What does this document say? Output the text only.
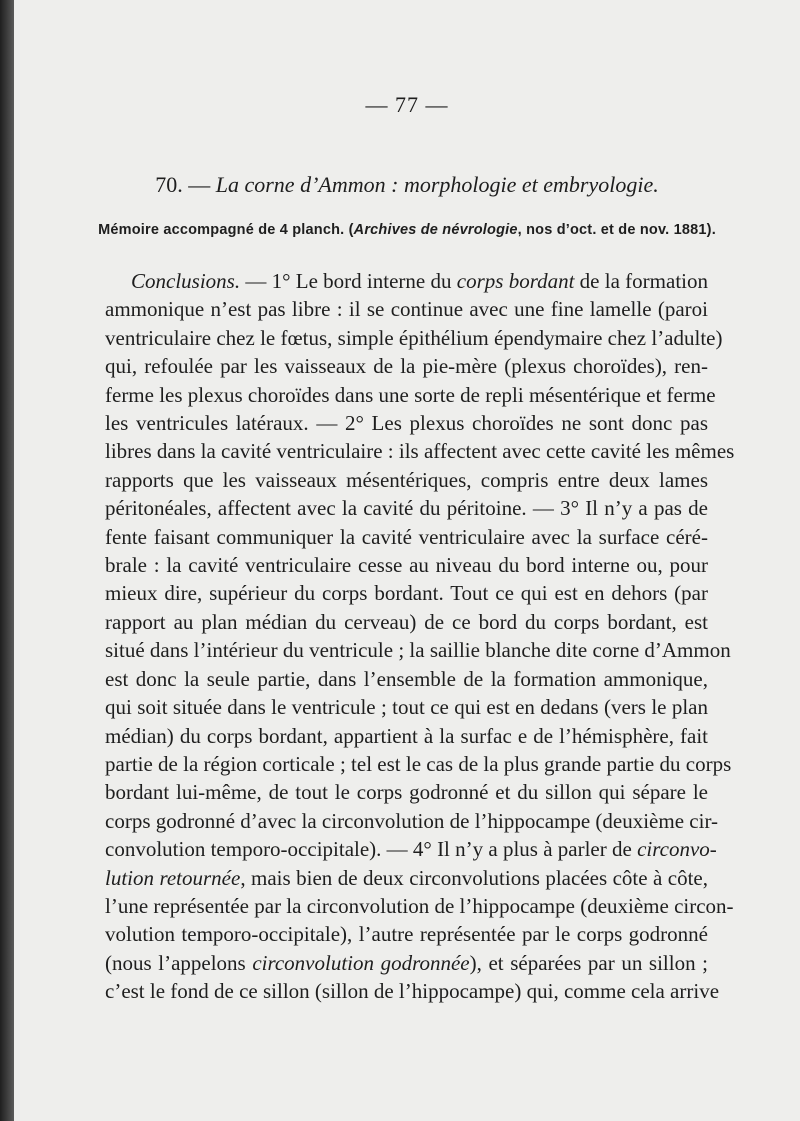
— 77 —
70. — La corne d’Ammon : morphologie et embryologie.
Mémoire accompagné de 4 planch. (Archives de névrologie, nos d’oct. et de nov. 1881).
Conclusions. — 1° Le bord interne du corps bordant de la formation
ammonique n’est pas libre : il se continue avec une fine lamelle (paroi
ventriculaire chez le fœtus, simple épithélium épendymaire chez l’adulte)
qui, refoulée par les vaisseaux de la pie-mère (plexus choroïdes), ren-
ferme les plexus choroïdes dans une sorte de repli mésentérique et ferme
les ventricules latéraux. — 2° Les plexus choroïdes ne sont donc pas
libres dans la cavité ventriculaire : ils affectent avec cette cavité les mêmes
rapports que les vaisseaux mésentériques, compris entre deux lames
péritonéales, affectent avec la cavité du péritoine. — 3° Il n’y a pas de
fente faisant communiquer la cavité ventriculaire avec la surface céré-
brale : la cavité ventriculaire cesse au niveau du bord interne ou, pour
mieux dire, supérieur du corps bordant. Tout ce qui est en dehors (par
rapport au plan médian du cerveau) de ce bord du corps bordant, est
situé dans l’intérieur du ventricule ; la saillie blanche dite corne d’Ammon
est donc la seule partie, dans l’ensemble de la formation ammonique,
qui soit située dans le ventricule ; tout ce qui est en dedans (vers le plan
médian) du corps bordant, appartient à la surfac e de l’hémisphère, fait
partie de la région corticale ; tel est le cas de la plus grande partie du corps
bordant lui-même, de tout le corps godronné et du sillon qui sépare le
corps godronné d’avec la circonvolution de l’hippocampe (deuxième cir-
convolution temporo-occipitale). — 4° Il n’y a plus à parler de circonvo-
lution retournée, mais bien de deux circonvolutions placées côte à côte,
l’une représentée par la circonvolution de l’hippocampe (deuxième circon-
volution temporo-occipitale), l’autre représentée par le corps godronné
(nous l’appelons circonvolution godronnée), et séparées par un sillon ;
c’est le fond de ce sillon (sillon de l’hippocampe) qui, comme cela arrive
